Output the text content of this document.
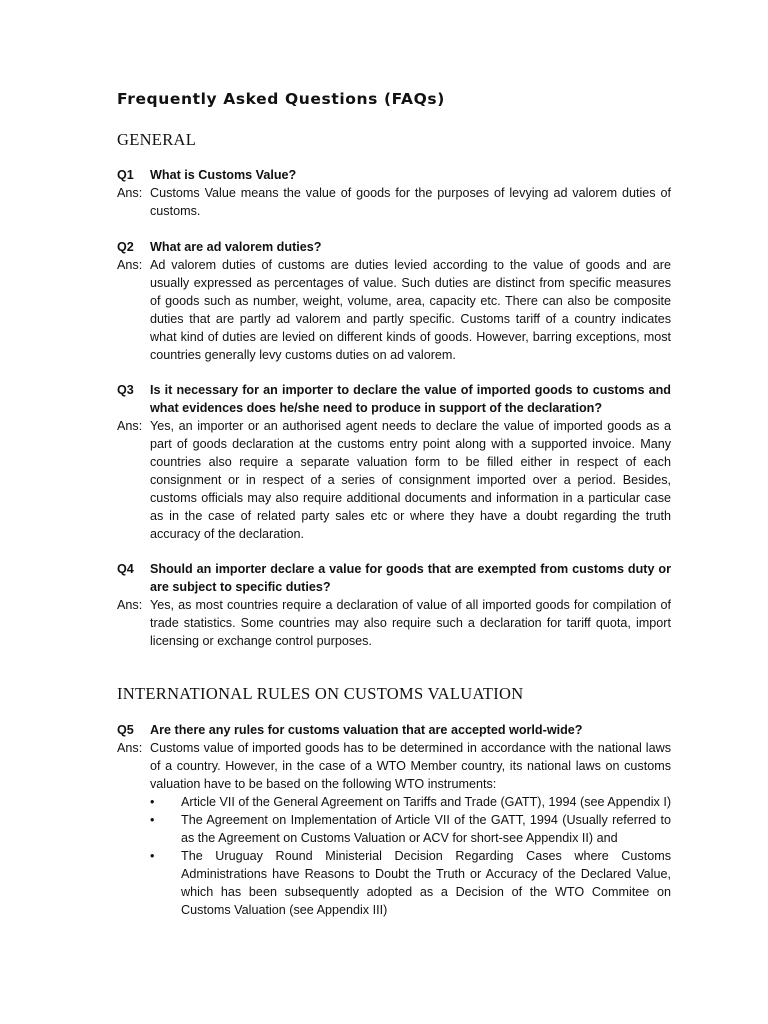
Frequently Asked Questions (FAQs)
GENERAL
Q1	What is Customs Value?
Ans: Customs Value means the value of goods for the purposes of levying ad valorem duties of customs.
Q2	What are ad valorem duties?
Ans: Ad valorem duties of customs are duties levied according to the value of goods and are usually expressed as percentages of value. Such duties are distinct from specific measures of goods such as number, weight, volume, area, capacity etc. There can also be composite duties that are partly ad valorem and partly specific. Customs tariff of a country indicates what kind of duties are levied on different kinds of goods. However, barring exceptions, most countries generally levy customs duties on ad valorem.
Q3	Is it necessary for an importer to declare the value of imported goods to customs and what evidences does he/she need to produce in support of the declaration?
Ans: Yes, an importer or an authorised agent needs to declare the value of imported goods as a part of goods declaration at the customs entry point along with a supported invoice. Many countries also require a separate valuation form to be filled either in respect of each consignment or in respect of a series of consignment imported over a period. Besides, customs officials may also require additional documents and information in a particular case as in the case of related party sales etc or where they have a doubt regarding the truth accuracy of the declaration.
Q4	Should an importer declare a value for goods that are exempted from customs duty or are subject to specific duties?
Ans: Yes, as most countries require a declaration of value of all imported goods for compilation of trade statistics. Some countries may also require such a declaration for tariff quota, import licensing or exchange control purposes.
INTERNATIONAL RULES ON CUSTOMS VALUATION
Q5	Are there any rules for customs valuation that are accepted world-wide?
Ans: Customs value of imported goods has to be determined in accordance with the national laws of a country. However, in the case of a WTO Member country, its national laws on customs valuation have to be based on the following WTO instruments:
•	Article VII of the General Agreement on Tariffs and Trade (GATT), 1994 (see Appendix I)
•	The Agreement on Implementation of Article VII of the GATT, 1994 (Usually referred to as the Agreement on Customs Valuation or ACV for short-see Appendix II) and
•	The Uruguay Round Ministerial Decision Regarding Cases where Customs Administrations have Reasons to Doubt the Truth or Accuracy of the Declared Value, which has been subsequently adopted as a Decision of the WTO Commitee on Customs Valuation (see Appendix III)
